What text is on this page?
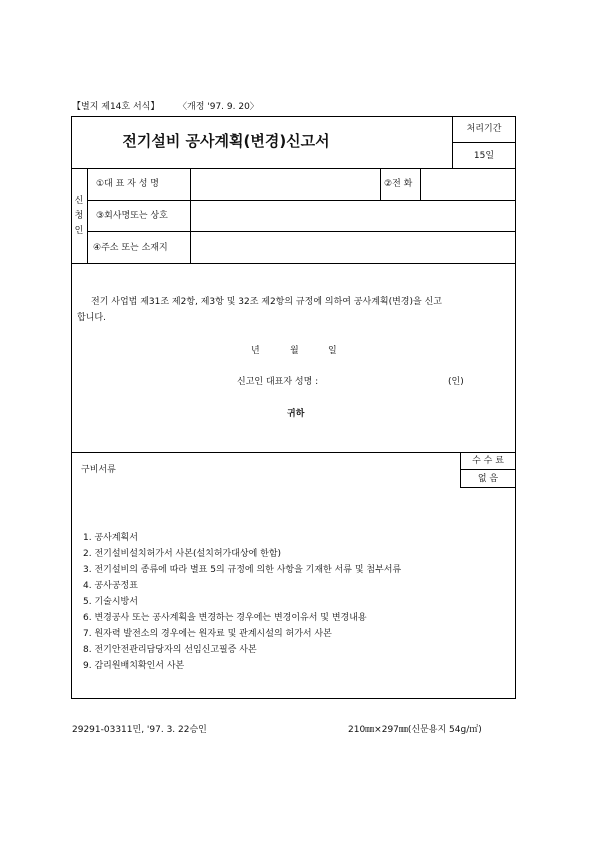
【별지 제14호 서식】 〈개정 '97. 9. 20〉
전기설비 공사계획(변경)신고서
처리기간
15일
신
청
인
①대 표 자 성 명	②전 화
③회사명또는 상호
④주소 또는 소재지
전기 사업법 제31조 제2항, 제3항 및 32조 제2항의 규정에 의하여 공사계획(변경)을 신고
합니다.
년	월	일
신고인 대표자 성명 :	(인)
귀하
구비서류
수 수 료
없 음
1. 공사계획서
2. 전기설비설치허가서 사본(설치허가대상에 한함)
3. 전기설비의 종류에 따라 별표 5의 규정에 의한 사항을 기재한 서류 및 첨부서류
4. 공사공정표
5. 기술시방서
6. 변경공사 또는 공사계획을 변경하는 경우에는 변경이유서 및 변경내용
7. 원자력 발전소의 경우에는 원자료 및 관계시설의 허가서 사본
8. 전기안전관리담당자의 선임신고필증 사본
9. 감리원배치확인서 사본
29291-03311민, '97. 3. 22승인	210㎜×297㎜(신문용지 54g/㎡)
